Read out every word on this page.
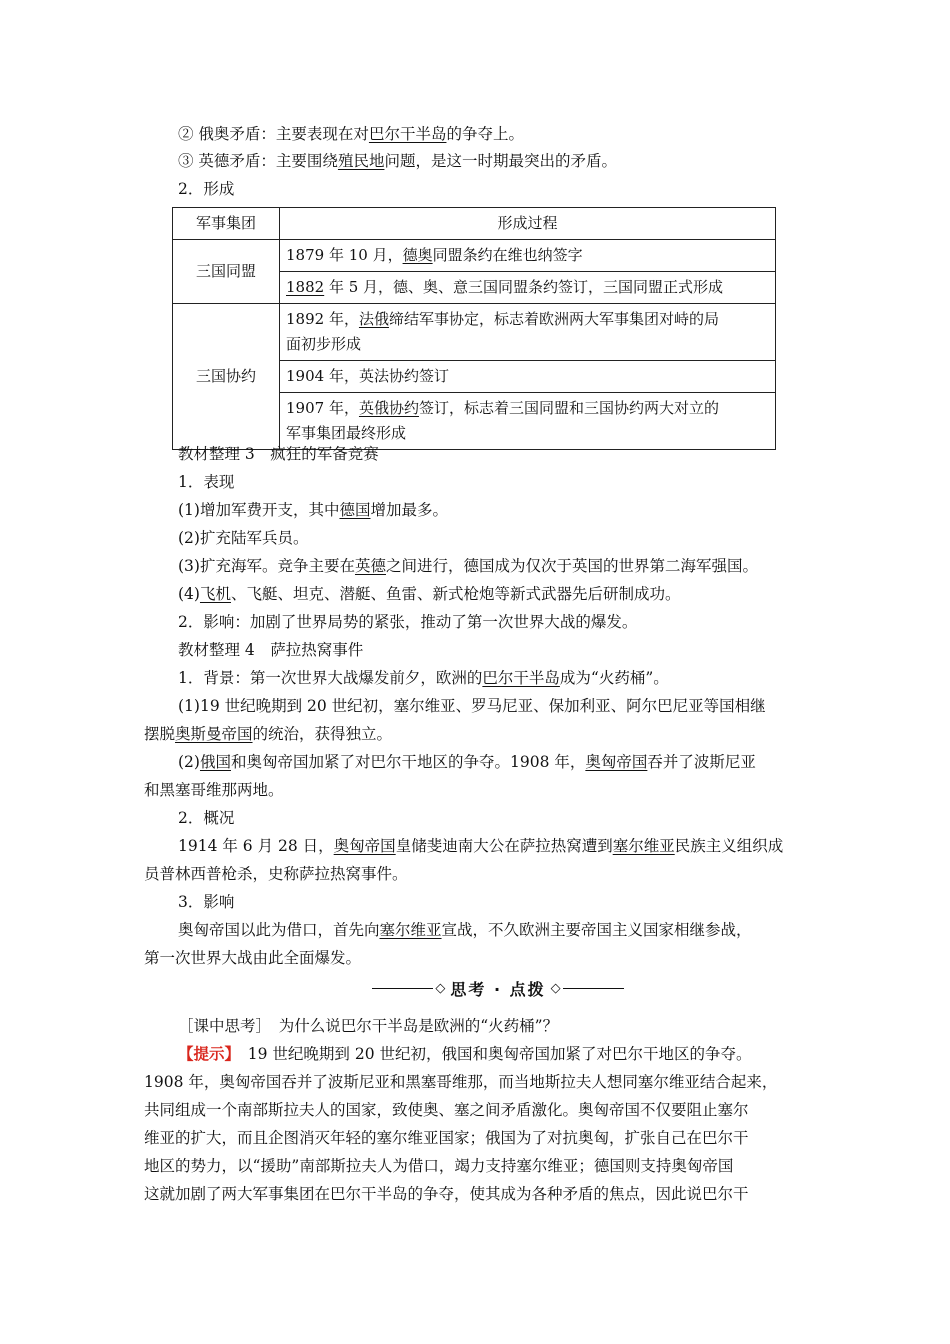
② 俄奥矛盾：主要表现在对巴尔干半岛的争夺上。
③ 英德矛盾：主要围绕殖民地问题，是这一时期最突出的矛盾。
2．形成
军事集团	形成过程
三国同盟	1879 年 10 月，德奥同盟条约在维也纳签字
	1882 年 5 月，德、奥、意三国同盟条约签订，三国同盟正式形成
三国协约	1892 年，法俄缔结军事协定，标志着欧洲两大军事集团对峙的局
面初步形成
	1904 年，英法协约签订
	1907 年，英俄协约签订，标志着三国同盟和三国协约两大对立的
军事集团最终形成
教材整理 3　疯狂的军备竞赛
1．表现
(1)增加军费开支，其中德国增加最多。
(2)扩充陆军兵员。
(3)扩充海军。竞争主要在英德之间进行，德国成为仅次于英国的世界第二海军强国。
(4)飞机、飞艇、坦克、潜艇、鱼雷、新式枪炮等新式武器先后研制成功。
2．影响：加剧了世界局势的紧张，推动了第一次世界大战的爆发。
教材整理 4　萨拉热窝事件
1．背景：第一次世界大战爆发前夕，欧洲的巴尔干半岛成为“火药桶”。
(1)19 世纪晚期到 20 世纪初，塞尔维亚、罗马尼亚、保加利亚、阿尔巴尼亚等国相继
摆脱奥斯曼帝国的统治，获得独立。
(2)俄国和奥匈帝国加紧了对巴尔干地区的争夺。1908 年，奥匈帝国吞并了波斯尼亚
和黑塞哥维那两地。
2．概况
1914 年 6 月 28 日，奥匈帝国皇储斐迪南大公在萨拉热窝遭到塞尔维亚民族主义组织成
员普林西普枪杀，史称萨拉热窝事件。
3．影响
奥匈帝国以此为借口，首先向塞尔维亚宣战，不久欧洲主要帝国主义国家相继参战，
第一次世界大战由此全面爆发。
◇ 思考 · 点拨 ◇
［课中思考］　为什么说巴尔干半岛是欧洲的“火药桶”？
【提示】　19 世纪晚期到 20 世纪初，俄国和奥匈帝国加紧了对巴尔干地区的争夺。
1908 年，奥匈帝国吞并了波斯尼亚和黑塞哥维那，而当地斯拉夫人想同塞尔维亚结合起来，
共同组成一个南部斯拉夫人的国家，致使奥、塞之间矛盾激化。奥匈帝国不仅要阻止塞尔
维亚的扩大，而且企图消灭年轻的塞尔维亚国家；俄国为了对抗奥匈，扩张自己在巴尔干
地区的势力，以“援助”南部斯拉夫人为借口，竭力支持塞尔维亚；德国则支持奥匈帝国
这就加剧了两大军事集团在巴尔干半岛的争夺，使其成为各种矛盾的焦点，因此说巴尔干
